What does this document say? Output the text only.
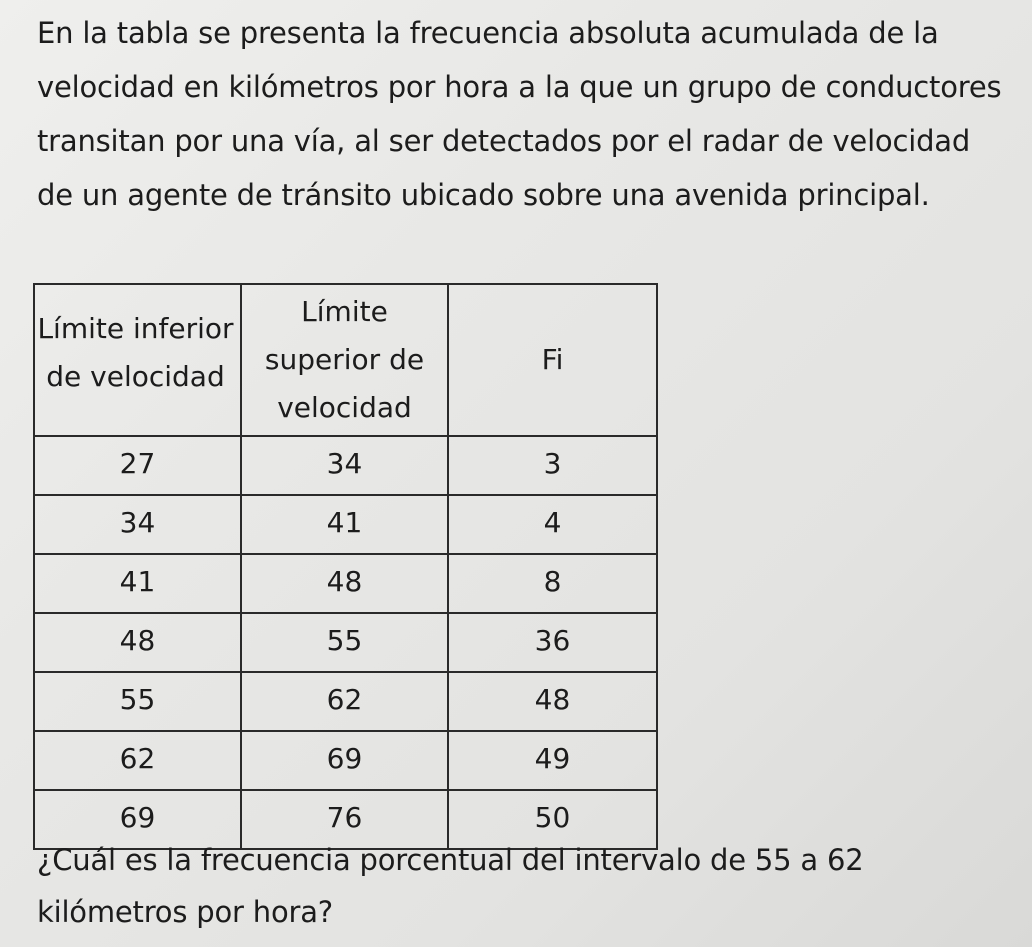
En la tabla se presenta la frecuencia absoluta acumulada de la velocidad en kilómetros por hora a la que un grupo de conductores transitan por una vía, al ser detectados por el radar de velocidad de un agente de tránsito ubicado sobre una avenida principal.

Límite inferior de velocidad	Límite superior de velocidad	Fi
27	34	3
34	41	4
41	48	8
48	55	36
55	62	48
62	69	49
69	76	50

¿Cuál es la frecuencia porcentual del intervalo de 55 a 62 kilómetros por hora?
